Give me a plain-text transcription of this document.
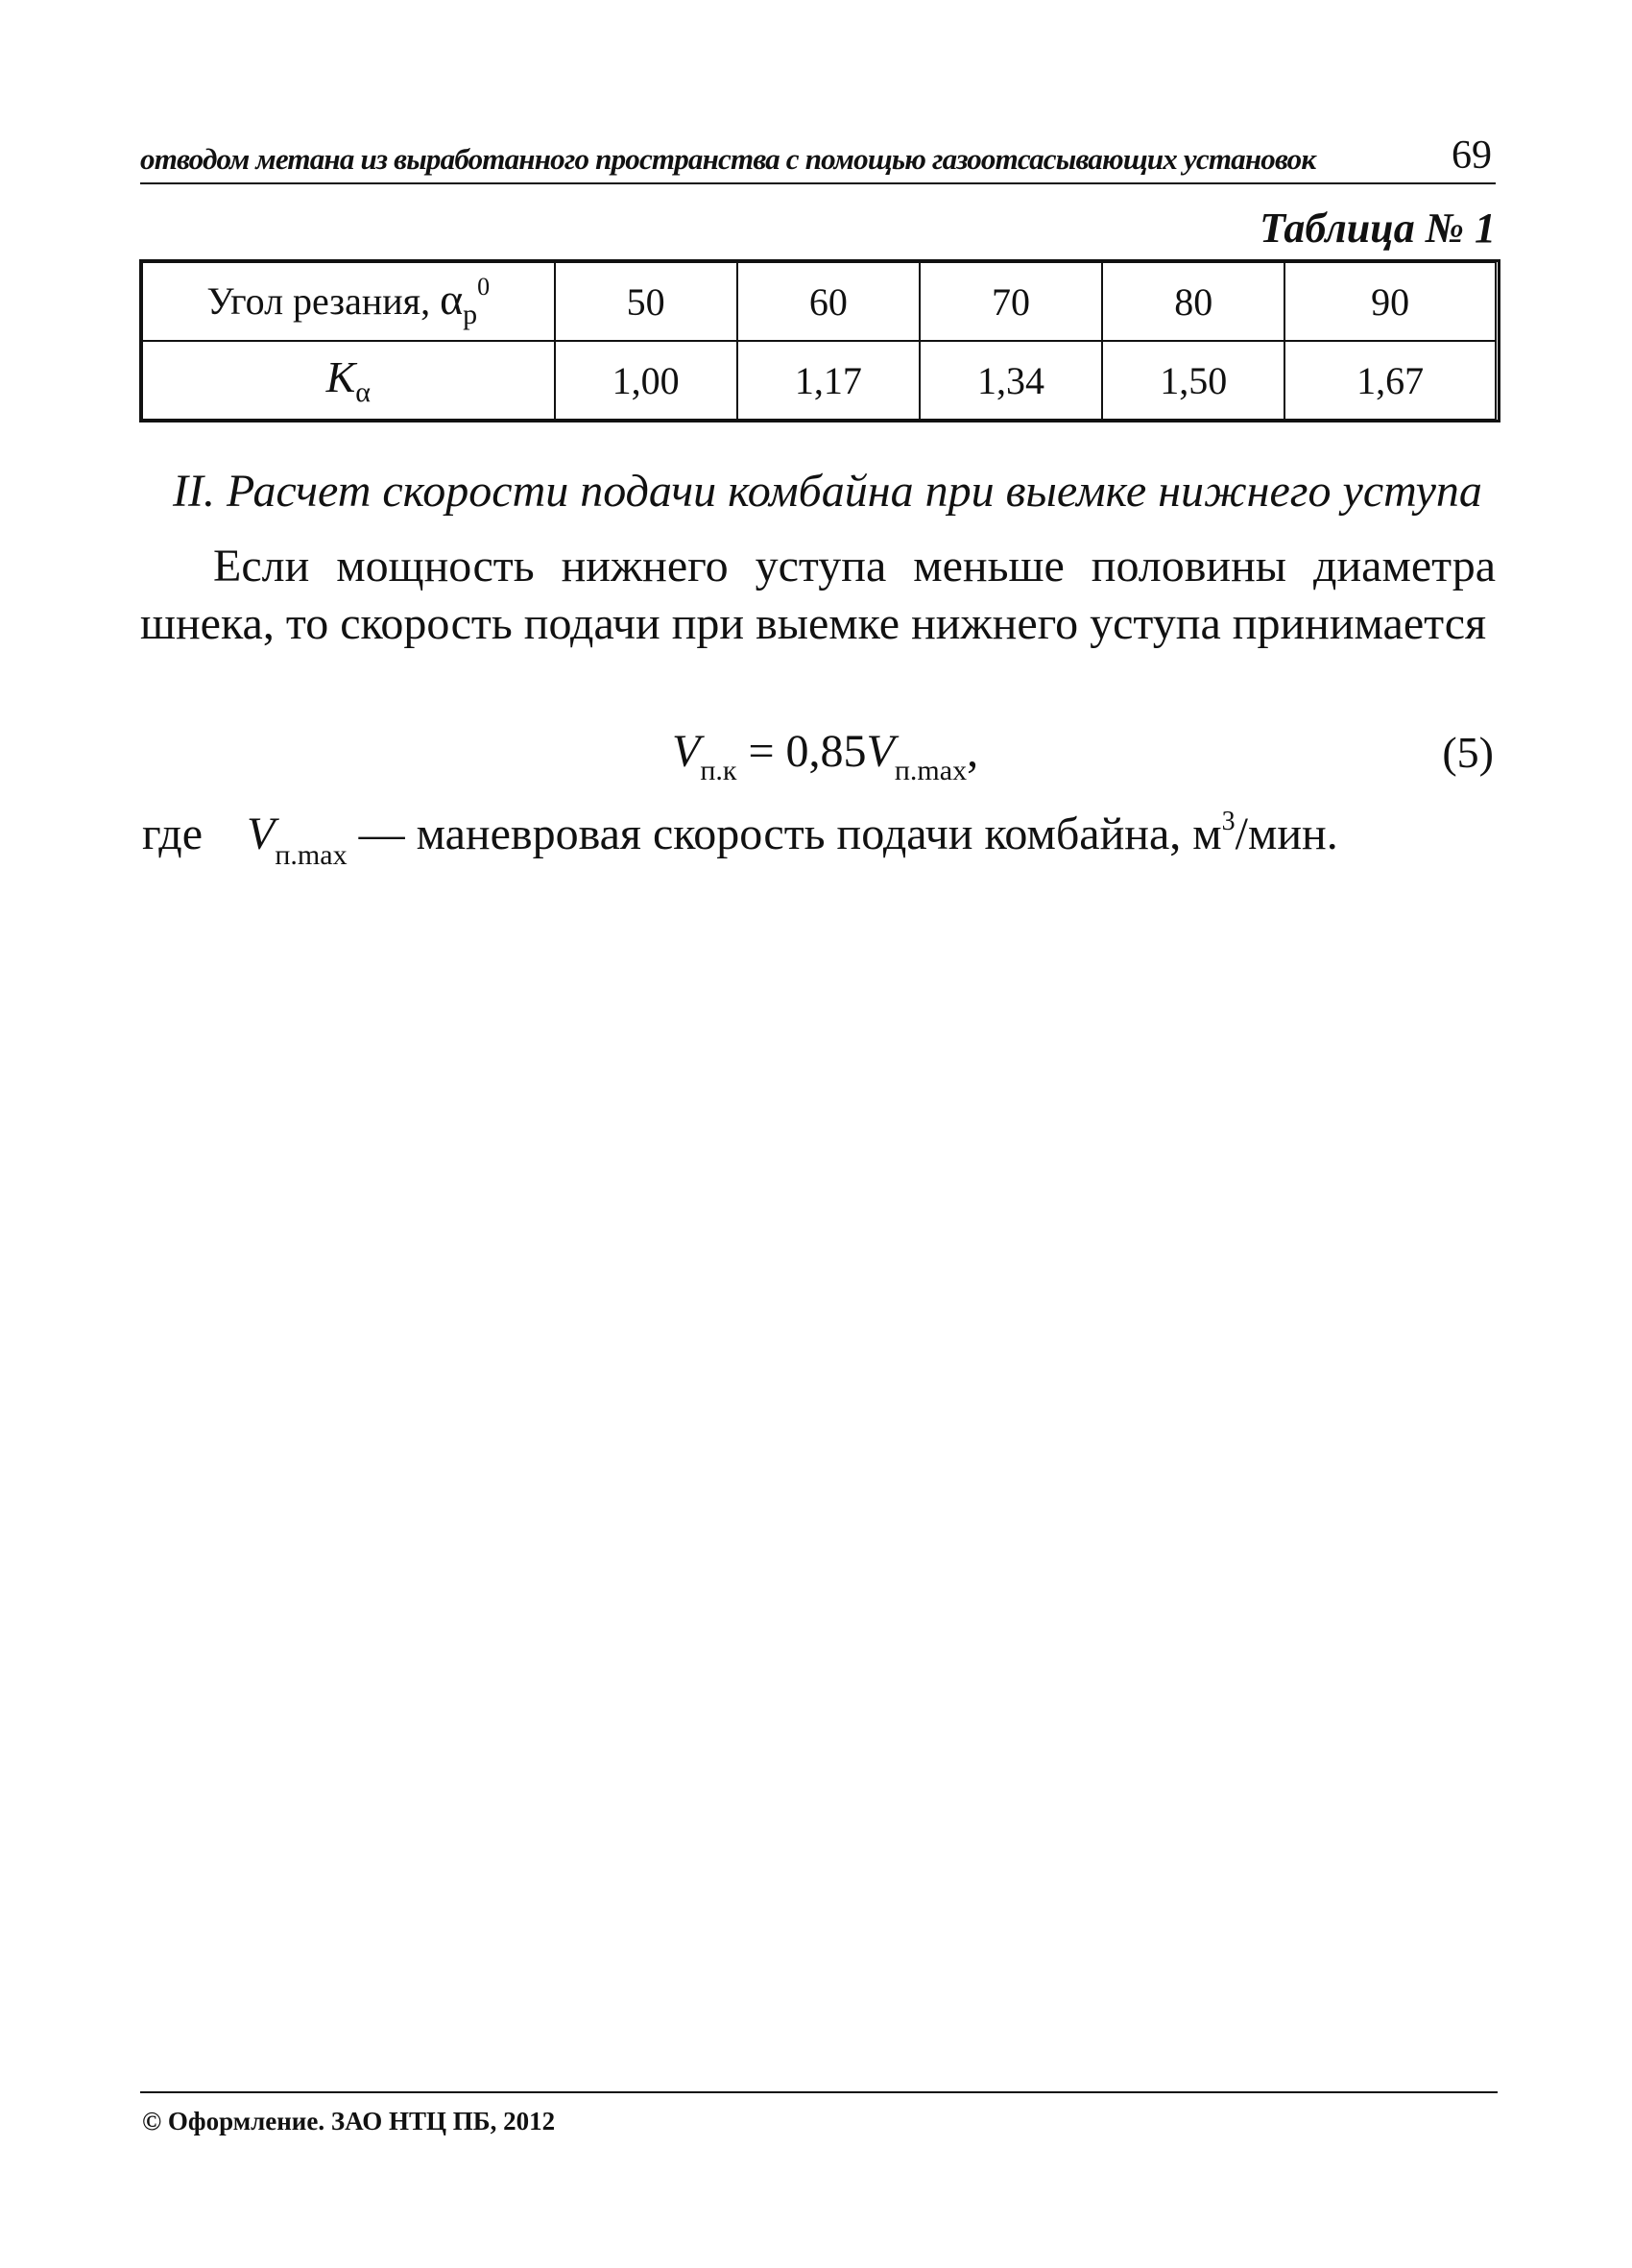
отводом метана из выработанного пространства с помощью газоотсасывающих установок	69
Таблица № 1
Угол резания, $\alpha_р^0$	50	60	70	80	90
$K_\alpha$	1,00	1,17	1,34	1,50	1,67
II. Расчет скорости подачи комбайна при выемке нижнего уступа
Если мощность нижнего уступа меньше половины диаметра шнека, то скорость подачи при выемке нижнего уступа принимается
$V_{п.к} = 0,85V_{п.max}$,	(5)
где $V_{п.max}$ — маневровая скорость подачи комбайна, $м^3$/мин.
© Оформление. ЗАО НТЦ ПБ, 2012
